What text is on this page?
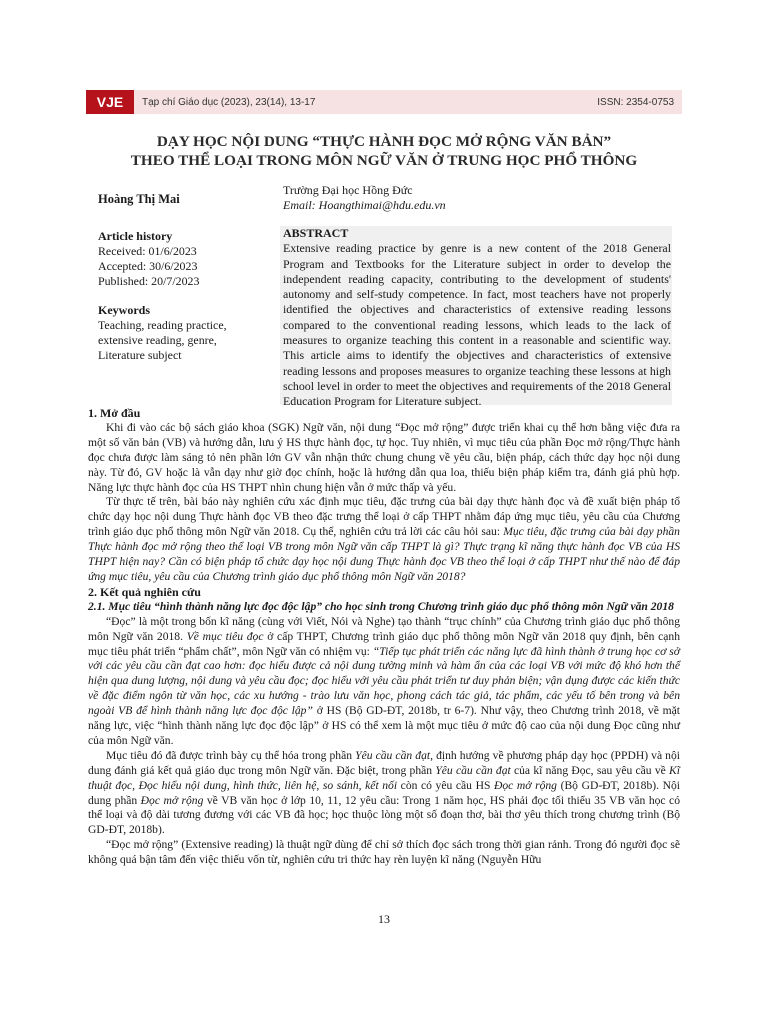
VJE	Tạp chí Giáo dục (2023), 23(14), 13-17	ISSN: 2354-0753
DẠY HỌC NỘI DUNG “THỰC HÀNH ĐỌC MỞ RỘNG VĂN BẢN”
THEO THỂ LOẠI TRONG MÔN NGỮ VĂN Ở TRUNG HỌC PHỔ THÔNG
Hoàng Thị Mai
Trường Đại học Hồng Đức
Email: Hoangthimai@hdu.edu.vn
Article history
Received: 01/6/2023
Accepted: 30/6/2023
Published: 20/7/2023
Keywords
Teaching, reading practice,
extensive reading, genre,
Literature subject
ABSTRACT

Extensive reading practice by genre is a new content of the 2018 General Program and Textbooks for the Literature subject in order to develop the independent reading capacity, contributing to the development of students' autonomy and self-study competence. In fact, most teachers have not properly identified the objectives and characteristics of extensive reading lessons compared to the conventional reading lessons, which leads to the lack of measures to organize teaching this content in a reasonable and scientific way. This article aims to identify the objectives and characteristics of extensive reading lessons and proposes measures to organize teaching these lessons at high school level in order to meet the objectives and requirements of the 2018 General Education Program for Literature subject.

1. Mở đầu

Khi đi vào các bộ sách giáo khoa (SGK) Ngữ văn, nội dung “Đọc mở rộng” được triển khai cụ thể hơn bằng việc đưa ra một số văn bản (VB) và hướng dẫn, lưu ý HS thực hành đọc, tự học. Tuy nhiên, vì mục tiêu của phần Đọc mở rộng/Thực hành đọc chưa được làm sáng tỏ nên phần lớn GV vẫn nhận thức chung chung về yêu cầu, biện pháp, cách thức dạy học nội dung này. Từ đó, GV hoặc là vẫn dạy như giờ đọc chính, hoặc là hướng dẫn qua loa, thiếu biện pháp kiểm tra, đánh giá phù hợp. Năng lực thực hành đọc của HS THPT nhìn chung hiện vẫn ở mức thấp và yếu.

Từ thực tế trên, bài báo này nghiên cứu xác định mục tiêu, đặc trưng của bài dạy thực hành đọc và đề xuất biện pháp tổ chức dạy học nội dung Thực hành đọc VB theo đặc trưng thể loại ở cấp THPT nhằm đáp ứng mục tiêu, yêu cầu của Chương trình giáo dục phổ thông môn Ngữ văn 2018. Cụ thể, nghiên cứu trả lời các câu hỏi sau: Mục tiêu, đặc trưng của bài dạy phần Thực hành đọc mở rộng theo thể loại VB trong môn Ngữ văn cấp THPT là gì? Thực trạng kĩ năng thực hành đọc VB của HS THPT hiện nay? Cần có biện pháp tổ chức dạy học nội dung Thực hành đọc VB theo thể loại ở cấp THPT như thế nào để đáp ứng mục tiêu, yêu cầu của Chương trình giáo dục phổ thông môn Ngữ văn 2018?

2. Kết quả nghiên cứu
2.1. Mục tiêu “hình thành năng lực đọc độc lập” cho học sinh trong Chương trình giáo dục phổ thông môn Ngữ văn 2018

“Đọc” là một trong bốn kĩ năng (cùng với Viết, Nói và Nghe) tạo thành “trục chính” của Chương trình giáo dục phổ thông môn Ngữ văn 2018. Về mục tiêu đọc ở cấp THPT, Chương trình giáo dục phổ thông môn Ngữ văn 2018 quy định, bên cạnh mục tiêu phát triển “phẩm chất”, môn Ngữ văn có nhiệm vụ: “Tiếp tục phát triển các năng lực đã hình thành ở trung học cơ sở với các yêu cầu cần đạt cao hơn: đọc hiểu được cả nội dung tường minh và hàm ẩn của các loại VB với mức độ khó hơn thể hiện qua dung lượng, nội dung và yêu cầu đọc; đọc hiểu với yêu cầu phát triển tư duy phản biện; vận dụng được các kiến thức về đặc điểm ngôn từ văn học, các xu hướng - trào lưu văn học, phong cách tác giả, tác phẩm, các yếu tố bên trong và bên ngoài VB để hình thành năng lực đọc độc lập” ở HS (Bộ GD-ĐT, 2018b, tr 6-7). Như vậy, theo Chương trình 2018, về mặt năng lực, việc “hình thành năng lực đọc độc lập” ở HS có thể xem là một mục tiêu ở mức độ cao của nội dung Đọc cũng như của môn Ngữ văn.

Mục tiêu đó đã được trình bày cụ thể hóa trong phần Yêu cầu cần đạt, định hướng về phương pháp dạy học (PPDH) và nội dung đánh giá kết quả giáo dục trong môn Ngữ văn. Đặc biệt, trong phần Yêu cầu cần đạt của kĩ năng Đọc, sau yêu cầu về Kĩ thuật đọc, Đọc hiểu nội dung, hình thức, liên hệ, so sánh, kết nối còn có yêu cầu HS Đọc mở rộng (Bộ GD-ĐT, 2018b). Nội dung phần Đọc mở rộng về VB văn học ở lớp 10, 11, 12 yêu cầu: Trong 1 năm học, HS phải đọc tối thiểu 35 VB văn học có thể loại và độ dài tương đương với các VB đã học; học thuộc lòng một số đoạn thơ, bài thơ yêu thích trong chương trình (Bộ GD-ĐT, 2018b).

“Đọc mở rộng” (Extensive reading) là thuật ngữ dùng để chỉ sở thích đọc sách trong thời gian rảnh. Trong đó người đọc sẽ không quá bận tâm đến việc thiếu vốn từ, nghiên cứu tri thức hay rèn luyện kĩ năng (Nguyễn Hữu

13
